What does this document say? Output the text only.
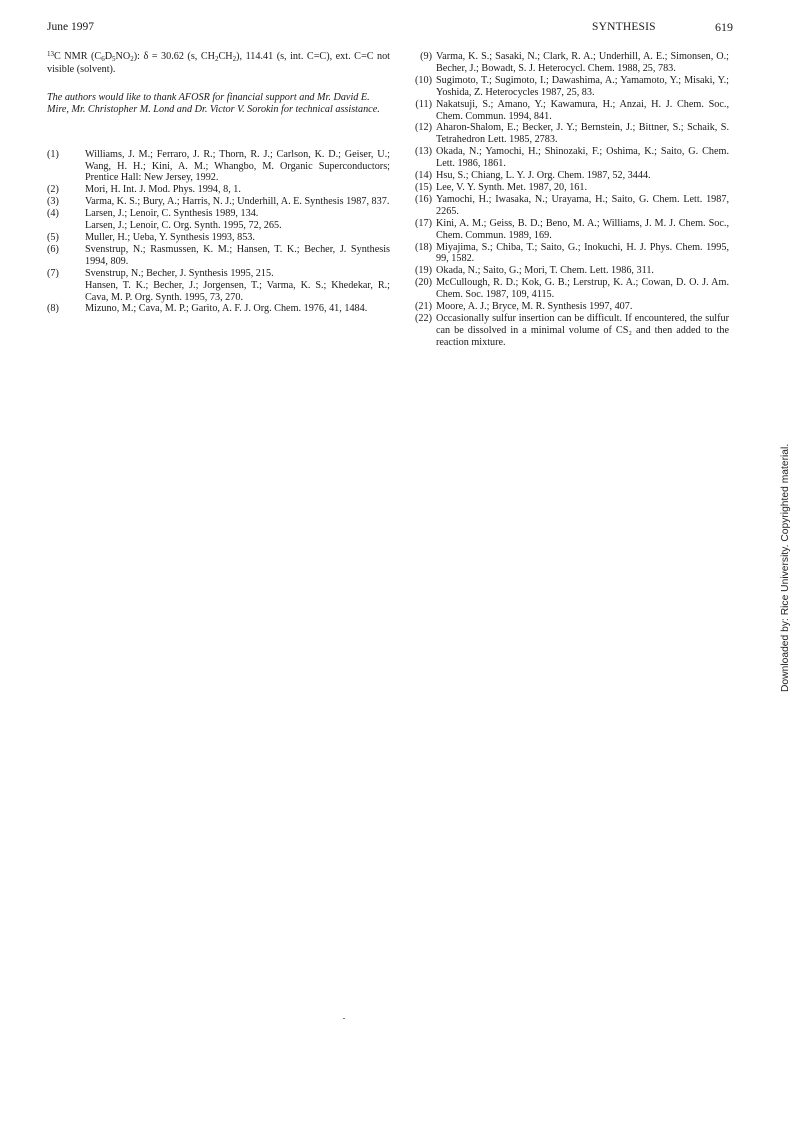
June 1997	SYNTHESIS	619
$^{13}$C NMR (C6D5NO2): δ = 30.62 (s, CH2CH2), 114.41 (s, int. C=C), ext. C=C not visible (solvent).
The authors would like to thank AFOSR for financial support and Mr. David E. Mire, Mr. Christopher M. Lond and Dr. Victor V. Sorokin for technical assistance.
(1)	Williams, J. M.; Ferraro, J. R.; Thorn, R. J.; Carlson, K. D.; Geiser, U.; Wang, H. H.; Kini, A. M.; Whangbo, M. Organic Superconductors; Prentice Hall: New Jersey, 1992.
(2)	Mori, H. Int. J. Mod. Phys. 1994, 8, 1.
(3)	Varma, K. S.; Bury, A.; Harris, N. J.; Underhill, A. E. Synthesis 1987, 837.
(4)	Larsen, J.; Lenoir, C. Synthesis 1989, 134.
Larsen, J.; Lenoir, C. Org. Synth. 1995, 72, 265.
(5)	Muller, H.; Ueba, Y. Synthesis 1993, 853.
(6)	Svenstrup, N.; Rasmussen, K. M.; Hansen, T. K.; Becher, J. Synthesis 1994, 809.
(7)	Svenstrup, N.; Becher, J. Synthesis 1995, 215.
Hansen, T. K.; Becher, J.; Jorgensen, T.; Varma, K. S.; Khedekar, R.; Cava, M. P. Org. Synth. 1995, 73, 270.
(8)	Mizuno, M.; Cava, M. P.; Garito, A. F. J. Org. Chem. 1976, 41, 1484.
(9) Varma, K. S.; Sasaki, N.; Clark, R. A.; Underhill, A. E.; Simonsen, O.; Becher, J.; Bowadt, S. J. Heterocycl. Chem. 1988, 25, 783.
(10) Sugimoto, T.; Sugimoto, I.; Dawashima, A.; Yamamoto, Y.; Misaki, Y.; Yoshida, Z. Heterocycles 1987, 25, 83.
(11) Nakatsuji, S.; Amano, Y.; Kawamura, H.; Anzai, H. J. Chem. Soc., Chem. Commun. 1994, 841.
(12) Aharon-Shalom, E.; Becker, J. Y.; Bernstein, J.; Bittner, S.; Schaik, S. Tetrahedron Lett. 1985, 2783.
(13) Okada, N.; Yamochi, H.; Shinozaki, F.; Oshima, K.; Saito, G. Chem. Lett. 1986, 1861.
(14) Hsu, S.; Chiang, L. Y. J. Org. Chem. 1987, 52, 3444.
(15) Lee, V. Y. Synth. Met. 1987, 20, 161.
(16) Yamochi, H.; Iwasaka, N.; Urayama, H.; Saito, G. Chem. Lett. 1987, 2265.
(17) Kini, A. M.; Geiss, B. D.; Beno, M. A.; Williams, J. M. J. Chem. Soc., Chem. Commun. 1989, 169.
(18) Miyajima, S.; Chiba, T.; Saito, G.; Inokuchi, H. J. Phys. Chem. 1995, 99, 1582.
(19) Okada, N.; Saito, G.; Mori, T. Chem. Lett. 1986, 311.
(20) McCullough, R. D.; Kok, G. B.; Lerstrup, K. A.; Cowan, D. O. J. Am. Chem. Soc. 1987, 109, 4115.
(21) Moore, A. J.; Bryce, M. R. Synthesis 1997, 407.
(22) Occasionally sulfur insertion can be difficult. If encountered, the sulfur can be dissolved in a minimal volume of CS₂ and then added to the reaction mixture.
Downloaded by: Rice University. Copyrighted material.
